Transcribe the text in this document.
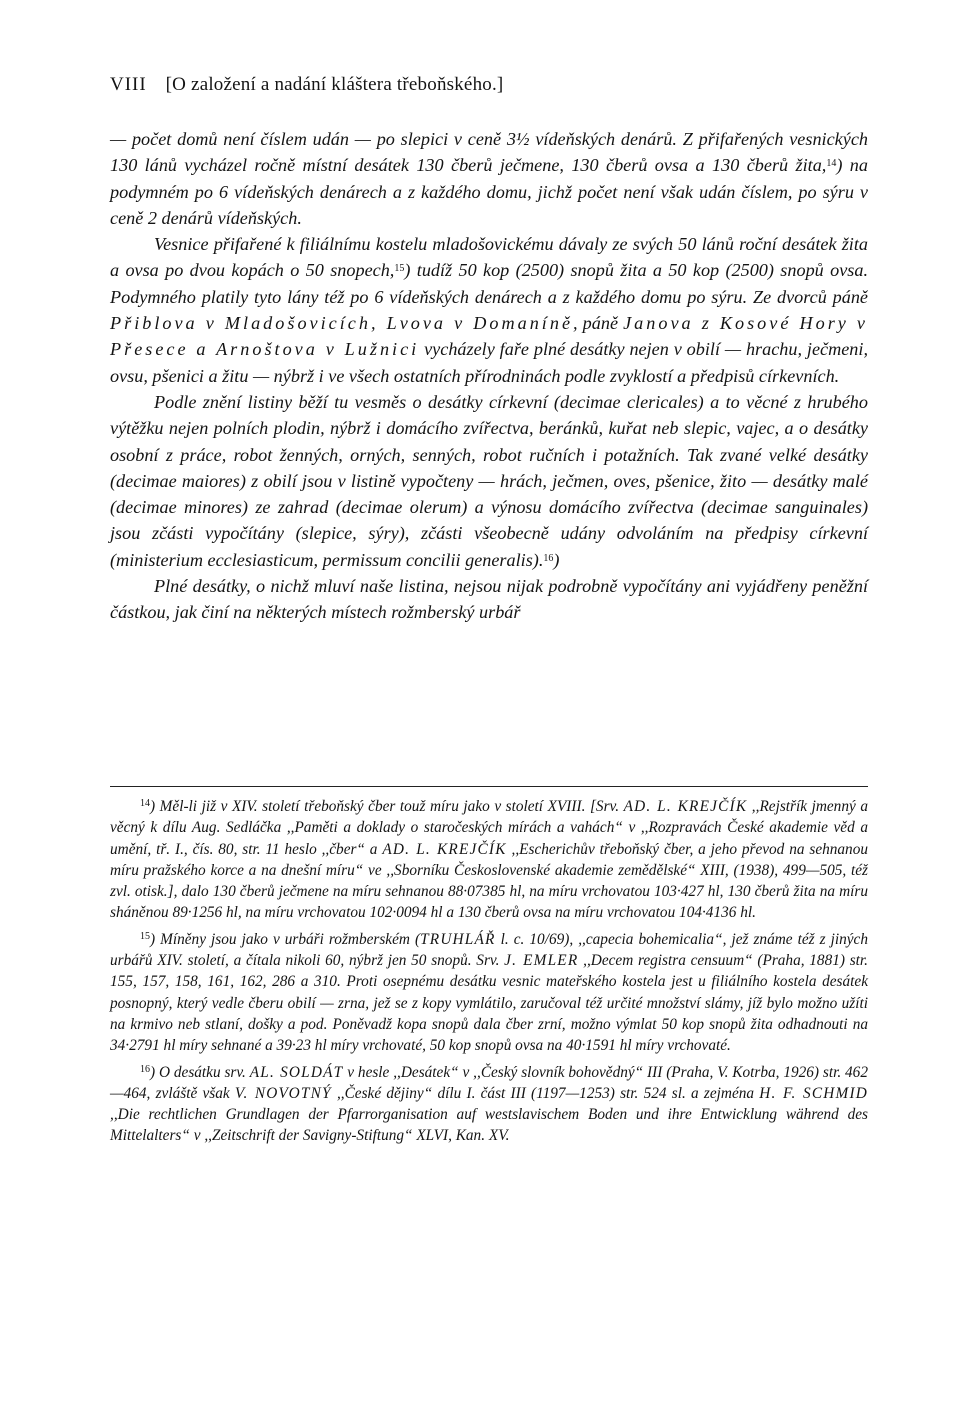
VIII [O založení a nadání kláštera třeboňského.]

— počet domů není číslem udán — po slepici v ceně 3½ vídeňských denárů. Z přifařených vesnických 130 lánů vycházel ročně místní desátek 130 čberů ječmene, 130 čberů ovsa a 130 čberů žita,$^{14}$) na podymném po 6 vídeňských denárech a z každého domu, jichž počet není však udán číslem, po sýru v ceně 2 denárů vídeňských.

Vesnice přifařené k filiálnímu kostelu mladošovickému dávaly ze svých 50 lánů roční desátek žita a ovsa po dvou kopách o 50 snopech,$^{15}$) tudíž 50 kop (2500) snopů žita a 50 kop (2500) snopů ovsa. Podymného platily tyto lány též po 6 vídeňských denárech a z každého domu po sýru. Ze dvorců páně Přiblova v Mladošovicích, Lvova v Domaníně, páně Janova z Kosové Hory v Přesece a Arnoštova v Lužnici vycházely faře plné desátky nejen v obilí — hrachu, ječmeni, ovsu, pšenici a žitu — nýbrž i ve všech ostatních přírodninách podle zvyklostí a předpisů církevních.

Podle znění listiny běží tu vesměs o desátky církevní (decimae clericales) a to věcné z hrubého výtěžku nejen polních plodin, nýbrž i domácího zvířectva, beránků, kuřat neb slepic, vajec, a o desátky osobní z práce, robot ženných, orných, senných, robot ručních i potažních. Tak zvané velké desátky (decimae maiores) z obilí jsou v listině vypočteny — hrách, ječmen, oves, pšenice, žito — desátky malé (decimae minores) ze zahrad (decimae olerum) a výnosu domácího zvířectva (decimae sanguinales) jsou zčásti vypočítány (slepice, sýry), zčásti všeobecně udány odvoláním na předpisy církevní (ministerium ecclesiasticum, permissum concilii generalis).$^{16}$)

Plné desátky, o nichž mluví naše listina, nejsou nijak podrobně vypočítány ani vyjádřeny peněžní částkou, jak činí na některých místech rožmberský urbář

$^{14}$) Měl-li již v XIV. století třeboňský čber touž míru jako v století XVIII. [Srv. AD. L. KREJČÍK ,,Rejstřík jmenný a věcný k dílu Aug. Sedláčka ,,Paměti a doklady o staročeských mírách a vahách“ v ,,Rozpravách České akademie věd a umění, tř. I., čís. 80, str. 11 heslo ,,čber“ a AD. L. KREJČÍK ,,Escherichův třeboňský čber, a jeho převod na sehnanou míru pražského korce a na dnešní míru“ ve ,,Sborníku Československé akademie zemědělské“ XIII, (1938), 499—505, též zvl. otisk.], dalo 130 čberů ječmene na míru sehnanou 88·07385 hl, na míru vrchovatou 103·427 hl, 130 čberů žita na míru sháněnou 89·1256 hl, na míru vrchovatou 102·0094 hl a 130 čberů ovsa na míru vrchovatou 104·4136 hl.

$^{15}$) Míněny jsou jako v urbáři rožmberském (TRUHLÁŘ l. c. 10/69), ,,capecia bohemicalia“, jež známe též z jiných urbářů XIV. století, a čítala nikoli 60, nýbrž jen 50 snopů. Srv. J. EMLER ,,Decem registra censuum“ (Praha, 1881) str. 155, 157, 158, 161, 162, 286 a 310. Proti osepnému desátku vesnic mateřského kostela jest u filiálního kostela desátek posnopný, který vedle čberu obilí — zrna, jež se z kopy vymlátilo, zaručoval též určité množství slámy, jíž bylo možno užíti na krmivo neb stlaní, došky a pod. Poněvadž kopa snopů dala čber zrní, možno výmlat 50 kop snopů žita odhadnouti na 34·2791 hl míry sehnané a 39·23 hl míry vrchovaté, 50 kop snopů ovsa na 40·1591 hl míry vrchovaté.

$^{16}$) O desátku srv. AL. SOLDÁT v hesle ,,Desátek“ v ,,Český slovník bohovědný“ III (Praha, V. Kotrba, 1926) str. 462—464, zvláště však V. NOVOTNÝ ,,České dějiny“ dílu I. část III (1197—1253) str. 524 sl. a zejména H. F. SCHMID ,,Die rechtlichen Grundlagen der Pfarrorganisation auf westslavischem Boden und ihre Entwicklung während des Mittelalters“ v ,,Zeitschrift der Savigny-Stiftung“ XLVI, Kan. XV.
